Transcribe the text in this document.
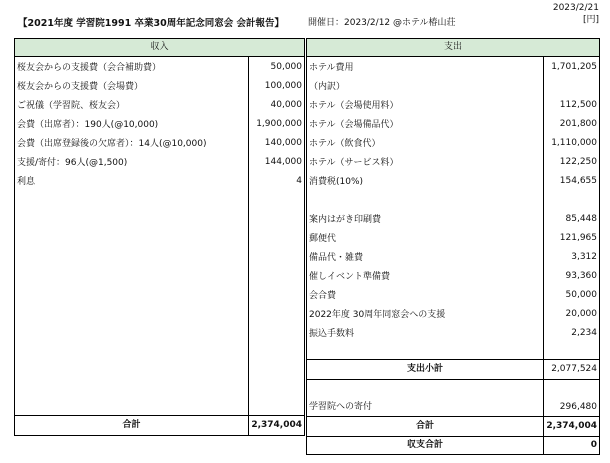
【2021年度 学習院1991 卒業30周年記念同窓会 会計報告】	開催日：2023/2/12 @ホテル椿山荘
2023/2/21
[円]
収入
桜友会からの支援費（会合補助費）	50,000
桜友会からの支援費（会場費）	100,000
ご祝儀（学習院、桜友会）	40,000
会費（出席者）：190人(@10,000)	1,900,000
会費（出席登録後の欠席者）：14人(@10,000)	140,000
支援/寄付：96人(@1,500)	144,000
利息	4
合計	2,374,004
支出
ホテル費用	1,701,205
（内訳）	
ホテル（会場使用料）	112,500
ホテル（会場備品代）	201,800
ホテル（飲食代）	1,110,000
ホテル（サービス料）	122,250
消費税(10%)	154,655

案内はがき印刷費	85,448
郵便代	121,965
備品代・雑費	3,312
催しイベント準備費	93,360
会合費	50,000
2022年度 30周年同窓会への支援	20,000
振込手数料	2,234
支出小計	2,077,524
学習院への寄付	296,480
合計	2,374,004
収支合計	0
